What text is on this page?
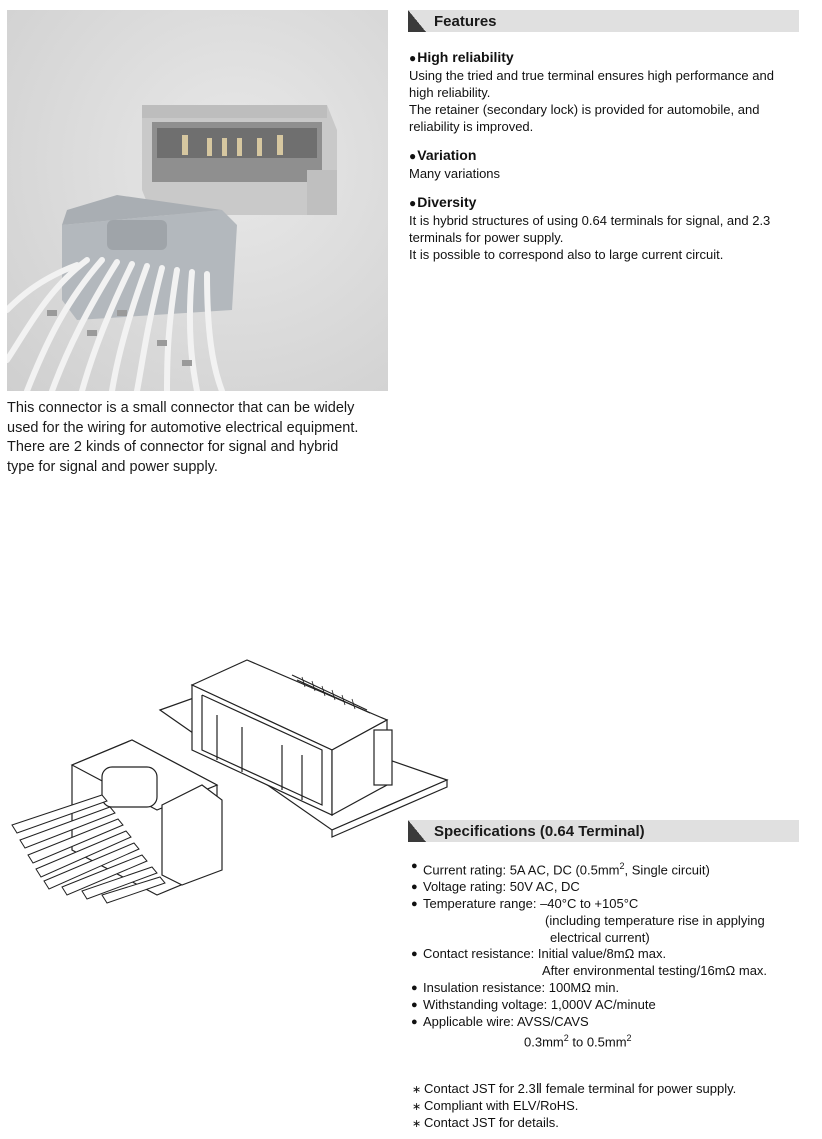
This connector is a small connector that can be widely
used for the wiring for automotive electrical equipment.
There are 2 kinds of connector for signal and hybrid
type for signal and power supply.
Features
●High reliability
Using the tried and true terminal ensures high performance and
high reliability.
The retainer (secondary lock) is provided for automobile, and
reliability is improved.
●Variation
Many variations
●Diversity
It is hybrid structures of using 0.64 terminals for signal, and 2.3
terminals for power supply.
It is possible to correspond also to large current circuit.
Specifications (0.64 Terminal)
● Current rating: 5A AC, DC ($0.5mm^2$, Single circuit)
● Voltage rating: 50V AC, DC
● Temperature range: –40°C to +105°C
(including temperature rise in applying
electrical current)
● Contact resistance: Initial value/8mΩ max.
After environmental testing/16mΩ max.
● Insulation resistance: 100MΩ min.
● Withstanding voltage: 1,000V AC/minute
● Applicable wire: AVSS/CAVS
$0.3mm^2$ to $0.5mm^2$
∗ Contact JST for 2.3Ⅱ female terminal for power supply.
∗ Compliant with ELV/RoHS.
∗ Contact JST for details.
